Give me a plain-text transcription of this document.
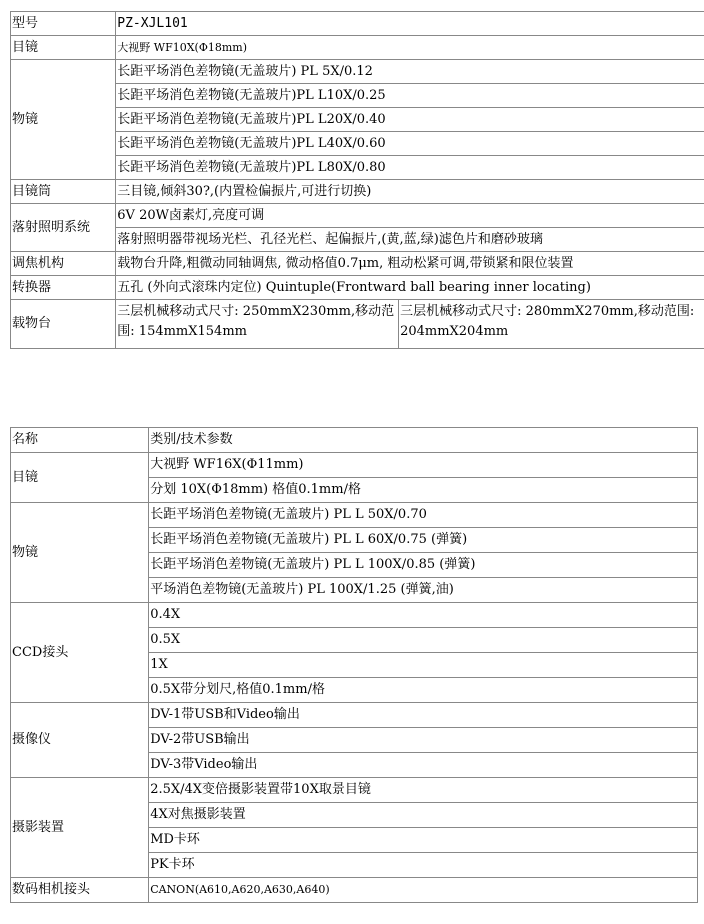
型号	PZ-XJL101	
目镜	大视野 WF10X(Φ18mm)	
物镜	长距平场消色差物镜(无盖玻片) PL 5X/0.12	
	长距平场消色差物镜(无盖玻片)PL L10X/0.25	
	长距平场消色差物镜(无盖玻片)PL L20X/0.40	
	长距平场消色差物镜(无盖玻片)PL L40X/0.60	
	长距平场消色差物镜(无盖玻片)PL L80X/0.80	
目镜筒	三目镜,倾斜30?,(内置检偏振片,可进行切换)	
落射照明系统	6V 20W卤素灯,亮度可调	
	落射照明器带视场光栏、孔径光栏、起偏振片,(黄,蓝,绿)滤色片和磨砂玻璃	
调焦机构	载物台升降,粗微动同轴调焦, 微动格值0.7μm, 粗动松紧可调,带锁紧和限位装置	
转换器	五孔 (外向式滚珠内定位) Quintuple(Frontward ball bearing inner locating)	
载物台	三层机械移动式尺寸: 250mmX230mm,移动范围: 154mmX154mm	三层机械移动式尺寸: 280mmX270mm,移动范围: 204mmX204mm
名称	类别/技术参数
目镜	大视野 WF16X(Φ11mm)
	分划 10X(Φ18mm) 格值0.1mm/格
物镜	长距平场消色差物镜(无盖玻片) PL L 50X/0.70
	长距平场消色差物镜(无盖玻片) PL L 60X/0.75 (弹簧)
	长距平场消色差物镜(无盖玻片) PL L 100X/0.85 (弹簧)
	平场消色差物镜(无盖玻片) PL 100X/1.25 (弹簧,油)
CCD接头	0.4X
	0.5X
	1X
	0.5X带分划尺,格值0.1mm/格
摄像仪	DV-1带USB和Video输出
	DV-2带USB输出
	DV-3带Video输出
摄影装置	2.5X/4X变倍摄影装置带10X取景目镜
	4X对焦摄影装置
	MD卡环
	PK卡环
数码相机接头	CANON(A610,A620,A630,A640)
